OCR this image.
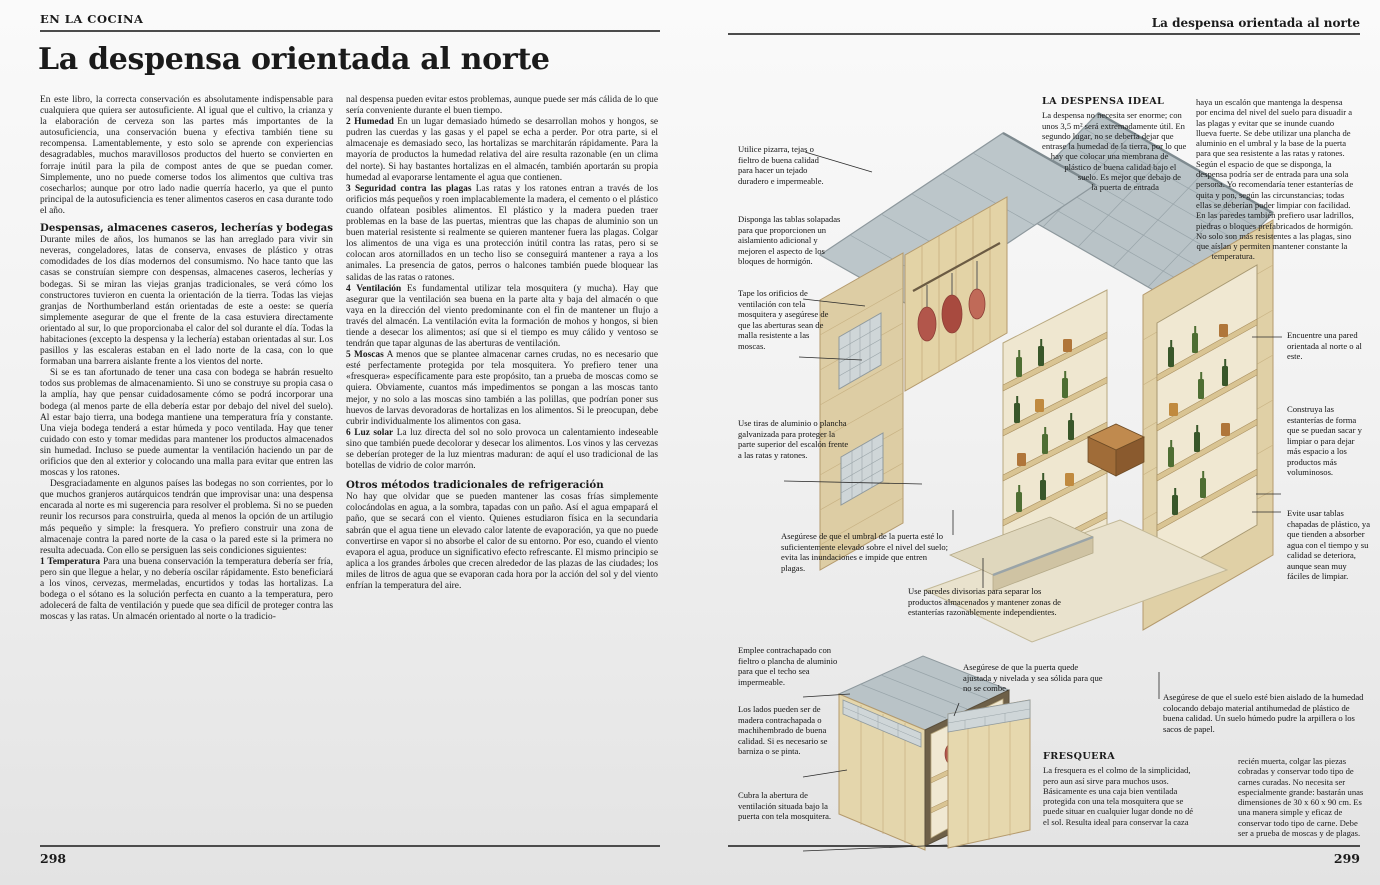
EN LA COCINA
La despensa orientada al norte

En este libro, la correcta conservación es absolutamente indispensable para cualquiera que quiera ser autosuficiente. Al igual que el cultivo, la crianza y la elaboración de cerveza son las partes más importantes de la autosuficiencia, una conservación buena y efectiva también tiene su recompensa. Lamentablemente, y esto solo se aprende con experiencias desagradables, muchos maravillosos productos del huerto se convierten en forraje inútil para la pila de compost antes de que se puedan comer. Simplemente, uno no puede comerse todos los alimentos que cultiva tras cosecharlos; aunque por otro lado nadie querría hacerlo, ya que el punto principal de la autosuficiencia es tener alimentos caseros en casa durante todo el año.

Despensas, almacenes caseros, lecherías y bodegas

Durante miles de años, los humanos se las han arreglado para vivir sin neveras, congeladores, latas de conserva, envases de plástico y otras comodidades de los días modernos del consumismo. No hace tanto que las casas se construían siempre con despensas, almacenes caseros, lecherías y bodegas. Si se miran las viejas granjas tradicionales, se verá cómo los constructores tuvieron en cuenta la orientación de la tierra. Todas las viejas granjas de Northumberland están orientadas de este a oeste: se quería simplemente asegurar de que el frente de la casa estuviera directamente orientado al sur, lo que proporcionaba el calor del sol durante el día. Todas la habitaciones (excepto la despensa y la lechería) estaban orientadas al sur. Los pasillos y las escaleras estaban en el lado norte de la casa, con lo que formaban una barrera aislante frente a los vientos del norte.

Si se es tan afortunado de tener una casa con bodega se habrán resuelto todos sus problemas de almacenamiento. Si uno se construye su propia casa o la amplía, hay que pensar cuidadosamente cómo se podrá incorporar una bodega (al menos parte de ella debería estar por debajo del nivel del suelo). Al estar bajo tierra, una bodega mantiene una temperatura fría y constante. Una vieja bodega tenderá a estar húmeda y poco ventilada. Hay que tener cuidado con esto y tomar medidas para mantener los productos almacenados sin humedad. Incluso se puede aumentar la ventilación haciendo un par de orificios que den al exterior y colocando una malla para evitar que entren las moscas y los ratones.

Desgraciadamente en algunos países las bodegas no son corrientes, por lo que muchos granjeros autárquicos tendrán que improvisar una: una despensa encarada al norte es mi sugerencia para resolver el problema. Si no se pueden reunir los recursos para construirla, queda al menos la opción de un artilugio más pequeño y simple: la fresquera. Yo prefiero construir una zona de almacenaje contra la pared norte de la casa o la pared este si la primera no resulta adecuada. Con ello se persiguen las seis condiciones siguientes:

1 Temperatura Para una buena conservación la temperatura debería ser fría, pero sin que llegue a helar, y no debería oscilar rápidamente. Esto beneficiará a los vinos, cervezas, mermeladas, encurtidos y todas las hortalizas. La bodega o el sótano es la solución perfecta en cuanto a la temperatura, pero adolecerá de falta de ventilación y puede que sea difícil de proteger contra las moscas y las ratas. Un almacén orientado al norte o la tradicio-

nal despensa pueden evitar estos problemas, aunque puede ser más cálida de lo que sería conveniente durante el buen tiempo.

2 Humedad En un lugar demasiado húmedo se desarrollan mohos y hongos, se pudren las cuerdas y las gasas y el papel se echa a perder. Por otra parte, si el almacenaje es demasiado seco, las hortalizas se marchitarán rápidamente. Para la mayoría de productos la humedad relativa del aire resulta razonable (en un clima del norte). Si hay bastantes hortalizas en el almacén, también aportarán su propia humedad al evaporarse lentamente el agua que contienen.

3 Seguridad contra las plagas Las ratas y los ratones entran a través de los orificios más pequeños y roen implacablemente la madera, el cemento o el plástico cuando olfatean posibles alimentos. El plástico y la madera pueden traer problemas en la base de las puertas, mientras que las chapas de aluminio son un buen material resistente si realmente se quieren mantener fuera las plagas. Colgar los alimentos de una viga es una protección inútil contra las ratas, pero si se colocan aros atornillados en un techo liso se conseguirá mantener a raya a los animales. La presencia de gatos, perros o halcones también puede bloquear las salidas de las ratas o ratones.

4 Ventilación Es fundamental utilizar tela mosquitera (y mucha). Hay que asegurar que la ventilación sea buena en la parte alta y baja del almacén o que vaya en la dirección del viento predominante con el fin de mantener un flujo a través del almacén. La ventilación evita la formación de mohos y hongos, si bien tiende a desecar los alimentos; así que si el tiempo es muy cálido y ventoso se tendrán que tapar algunas de las aberturas de ventilación.

5 Moscas A menos que se plantee almacenar carnes crudas, no es necesario que esté perfectamente protegida por tela mosquitera. Yo prefiero tener una «fresquera» específicamente para este propósito, tan a prueba de moscas como se quiera. Obviamente, cuantos más impedimentos se pongan a las moscas tanto mejor, y no solo a las moscas sino también a las polillas, que podrían poner sus huevos de larvas devoradoras de hortalizas en los alimentos. Si le preocupan, debe cubrir individualmente los alimentos con gasa.

6 Luz solar La luz directa del sol no solo provoca un calentamiento indeseable sino que también puede decolorar y desecar los alimentos. Los vinos y las cervezas se deberían proteger de la luz mientras maduran: de aquí el uso tradicional de las botellas de vidrio de color marrón.

Otros métodos tradicionales de refrigeración

No hay que olvidar que se pueden mantener las cosas frías simplemente colocándolas en agua, a la sombra, tapadas con un paño. Así el agua empapará el paño, que se secará con el viento. Quienes estudiaron física en la secundaria sabrán que el agua tiene un elevado calor latente de evaporación, ya que no puede convertirse en vapor si no absorbe el calor de su entorno. Por eso, cuando el viento evapora el agua, produce un significativo efecto refrescante. El mismo principio se aplica a los grandes árboles que crecen alrededor de las plazas de las ciudades; los miles de litros de agua que se evaporan cada hora por la acción del sol y del viento enfrían la temperatura del aire.

298
La despensa orientada al norte
Utilice pizarra, tejas o fieltro de buena calidad para hacer un tejado duradero e impermeable.
Disponga las tablas solapadas para que proporcionen un aislamiento adicional y mejoren el aspecto de los bloques de hormigón.
Tape los orificios de ventilación con tela mosquitera y asegúrese de que las aberturas sean de malla resistente a las moscas.
Use tiras de aluminio o plancha galvanizada para proteger la parte superior del escalón frente a las ratas y ratones.
Asegúrese de que el umbral de la puerta esté lo suficientemente elevado sobre el nivel del suelo; evita las inundaciones e impide que entren plagas.
Use paredes divisorias para separar los productos almacenados y mantener zonas de estanterías razonablemente independientes.
Emplee contrachapado con fieltro o plancha de aluminio para que el techo sea impermeable.
Los lados pueden ser de madera contrachapada o machihembrado de buena calidad. Si es necesario se barniza o se pinta.
Cubra la abertura de ventilación situada bajo la puerta con tela mosquitera.
Asegúrese de que la puerta quede ajustada y nivelada y sea sólida para que no se combe.
Encuentre una pared orientada al norte o al este.
Construya las estanterías de forma que se puedan sacar y limpiar o para dejar más espacio a los productos más voluminosos.
Evite usar tablas chapadas de plástico, ya que tienden a absorber agua con el tiempo y su calidad se deteriora, aunque sean muy fáciles de limpiar.
Asegúrese de que el suelo esté bien aislado de la humedad colocando debajo material antihumedad de plástico de buena calidad. Un suelo húmedo pudre la arpillera o los sacos de papel.
LA DESPENSA IDEAL
La despensa no necesita ser enorme; con unos 3,5 m² será extremadamente útil. En segundo lugar, no se debería dejar que entrase la humedad de la tierra, por lo que hay que colocar una membrana de plástico de buena calidad bajo el suelo. Es mejor que debajo de la puerta de entrada
haya un escalón que mantenga la despensa por encima del nivel del suelo para disuadir a las plagas y evitar que se inunde cuando llueva fuerte. Se debe utilizar una plancha de aluminio en el umbral y la base de la puerta para que sea resistente a las ratas y ratones. Según el espacio de que se disponga, la despensa podría ser de entrada para una sola persona. Yo recomendaría tener estanterías de quita y pon, según las circunstancias; todas ellas se deberían poder limpiar con facilidad. En las paredes también prefiero usar ladrillos, piedras o bloques prefabricados de hormigón. No solo son más resistentes a las plagas, sino que aíslan y permiten mantener constante la temperatura.
FRESQUERA
La fresquera es el colmo de la simplicidad, pero aun así sirve para muchos usos. Básicamente es una caja bien ventilada protegida con una tela mosquitera que se puede situar en cualquier lugar donde no dé el sol. Resulta ideal para conservar la caza
recién muerta, colgar las piezas cobradas y conservar todo tipo de carnes curadas. No necesita ser especialmente grande: bastarán unas dimensiones de 30 x 60 x 90 cm. Es una manera simple y eficaz de conservar todo tipo de carne. Debe ser a prueba de moscas y de plagas.
299
